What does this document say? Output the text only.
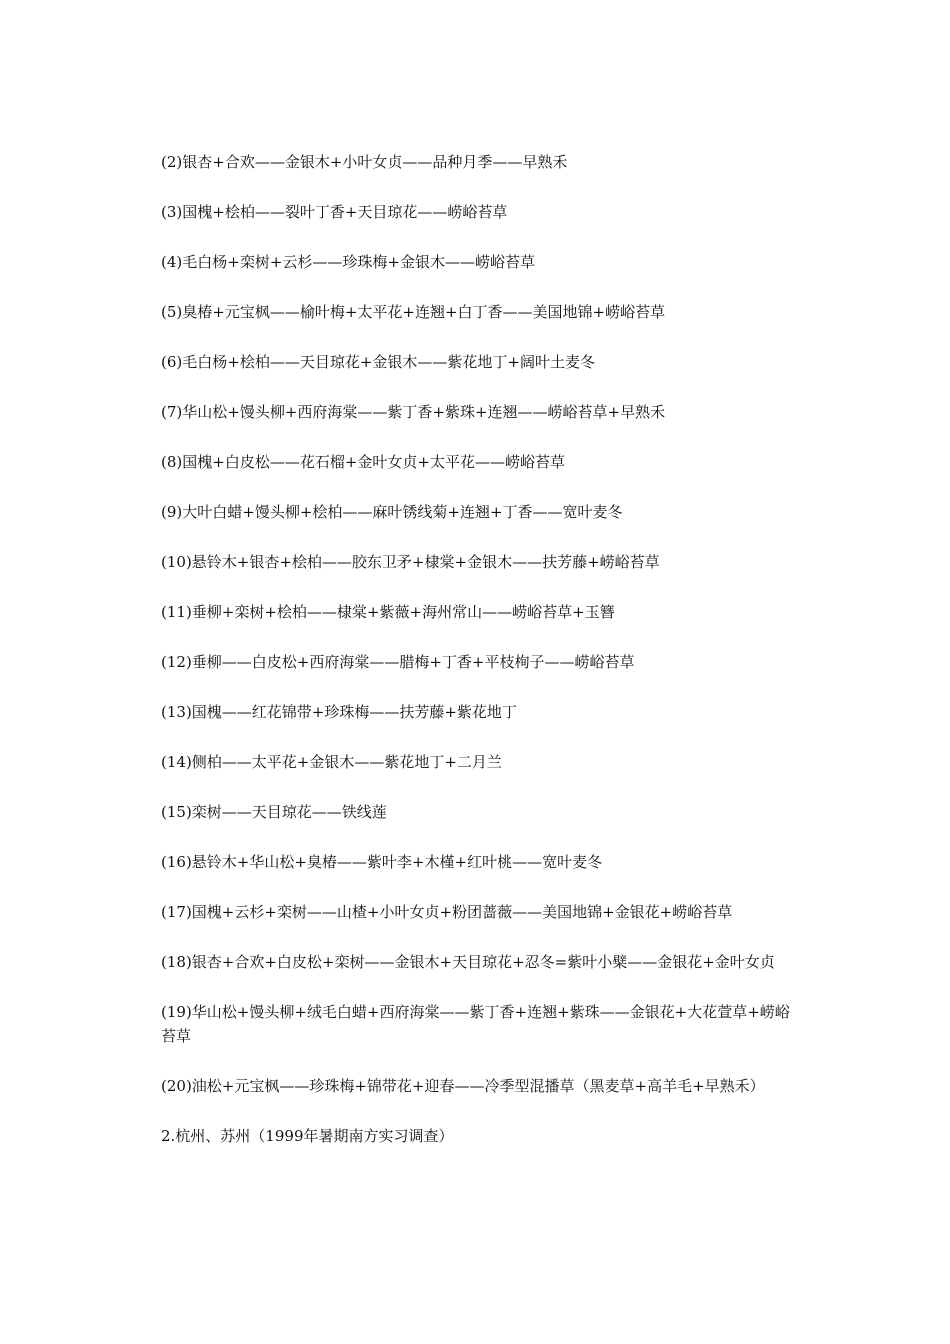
(2)银杏+合欢——金银木+小叶女贞——品种月季——早熟禾

(3)国槐+桧柏——裂叶丁香+天目琼花——崂峪苔草

(4)毛白杨+栾树+云杉——珍珠梅+金银木——崂峪苔草

(5)臭椿+元宝枫——榆叶梅+太平花+连翘+白丁香——美国地锦+崂峪苔草

(6)毛白杨+桧柏——天目琼花+金银木——紫花地丁+阔叶土麦冬

(7)华山松+馒头柳+西府海棠——紫丁香+紫珠+连翘——崂峪苔草+早熟禾

(8)国槐+白皮松——花石榴+金叶女贞+太平花——崂峪苔草

(9)大叶白蜡+馒头柳+桧柏——麻叶锈线菊+连翘+丁香——宽叶麦冬

(10)悬铃木+银杏+桧柏——胶东卫矛+棣棠+金银木——扶芳藤+崂峪苔草

(11)垂柳+栾树+桧柏——棣棠+紫薇+海州常山——崂峪苔草+玉簪

(12)垂柳——白皮松+西府海棠——腊梅+丁香+平枝栒子——崂峪苔草

(13)国槐——红花锦带+珍珠梅——扶芳藤+紫花地丁

(14)侧柏——太平花+金银木——紫花地丁+二月兰

(15)栾树——天目琼花——铁线莲

(16)悬铃木+华山松+臭椿——紫叶李+木槿+红叶桃——宽叶麦冬

(17)国槐+云杉+栾树——山楂+小叶女贞+粉团蔷薇——美国地锦+金银花+崂峪苔草

(18)银杏+合欢+白皮松+栾树——金银木+天目琼花+忍冬=紫叶小檗——金银花+金叶女贞

(19)华山松+馒头柳+绒毛白蜡+西府海棠——紫丁香+连翘+紫珠——金银花+大花萱草+崂峪苔草

(20)油松+元宝枫——珍珠梅+锦带花+迎春——冷季型混播草（黑麦草+高羊毛+早熟禾）

2.杭州、苏州（1999年暑期南方实习调查）
